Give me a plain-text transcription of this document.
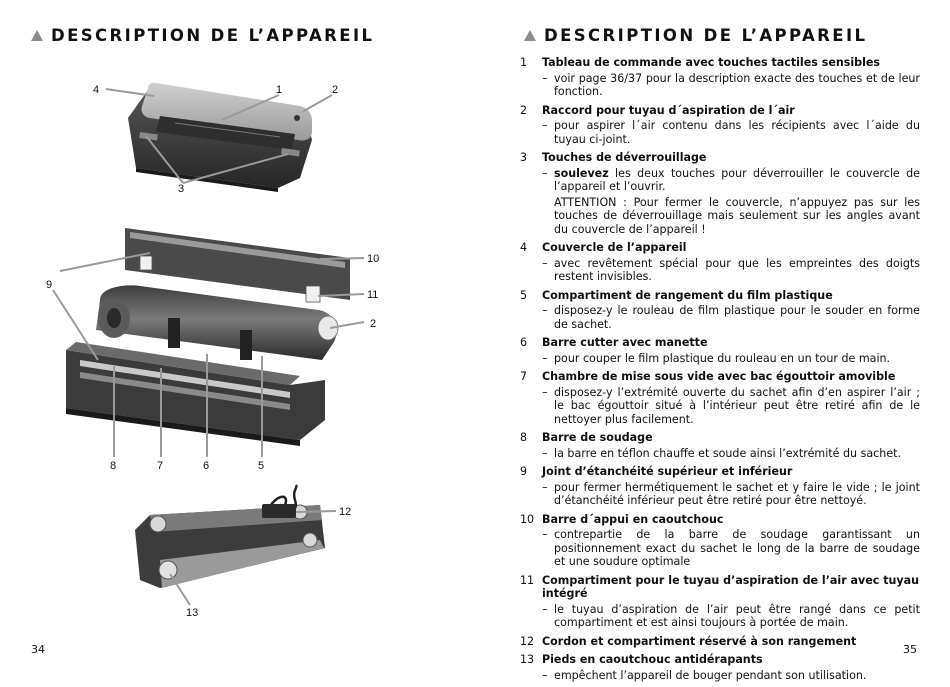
DESCRIPTION DE L’APPAREIL
4	1	2
3
10
9
11
2
8	7	6	5
12
13
34
DESCRIPTION DE L’APPAREIL
1	Tableau de commande avec touches tactiles sensibles
– voir page 36/37 pour la description exacte des touches et de leur fonction.
2	Raccord pour tuyau d´aspiration de l´air
– pour aspirer l´air contenu dans les récipients avec l´aide du tuyau ci-joint.
3	Touches de déverrouillage
– soulevez les deux touches pour déverrouiller le couvercle de l’appareil et l’ouvrir.
ATTENTION : Pour fermer le couvercle, n’appuyez pas sur les touches de déverrouillage mais seulement sur les angles avant du couvercle de l’appareil !
4	Couvercle de l’appareil
– avec revêtement spécial pour que les empreintes des doigts restent invisibles.
5	Compartiment de rangement du film plastique
– disposez-y le rouleau de film plastique pour le souder en forme de sachet.
6	Barre cutter avec manette
– pour couper le film plastique du rouleau en un tour de main.
7	Chambre de mise sous vide avec bac égouttoir amovible
– disposez-y l’extrémité ouverte du sachet afin d’en aspirer l’air ; le bac égouttoir situé à l’intérieur peut être retiré afin de le nettoyer plus facilement.
8	Barre de soudage
– la barre en téflon chauffe et soude ainsi l’extrémité du sachet.
9	Joint d’étanchéité supérieur et inférieur
– pour fermer hermétiquement le sachet et y faire le vide ; le joint d’étanchéité inférieur peut être retiré pour être nettoyé.
10 Barre d´appui en caoutchouc
– contrepartie de la barre de soudage garantissant un positionnement exact du sachet le long de la barre de soudage et une soudure optimale
11 Compartiment pour le tuyau d’aspiration de l’air avec tuyau intégré
– le tuyau d’aspiration de l’air peut être rangé dans ce petit compartiment et est ainsi toujours à portée de main.
12 Cordon et compartiment réservé à son rangement
13 Pieds en caoutchouc antidérapants
– empêchent l’appareil de bouger pendant son utilisation.
35
